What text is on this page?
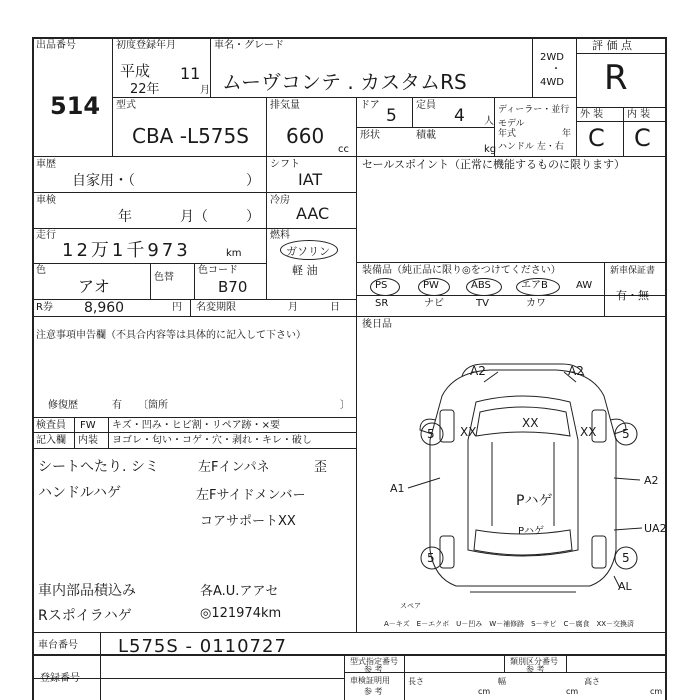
出品番号
514
初度登録年月
平成
22年
11
月
車名・グレード
ムーヴコンテ . カスタムRS
2WD
・
4WD
評 価 点
R
型式
CBA -L575S
排気量
660
cc
ドア
5
定員
4 人
形状	積載
kg
ディーラー・並行
モデル
年式	年
ハンドル 左・右
外 装 内 装
C C
車歴
自家用・（	）
車検
年	月（	）
走行
12万1千973	km
色
アオ	色替
色コード
B70
R券 8,960	円 名変期限	月	日
シフト
IAT
冷房
AAC
燃料
ガソリン
軽 油
セールスポイント（正常に機能するものに限ります）
装備品（純正品に限り◎をつけてください）
PS	PW	ABS	エアB	AW
SR	ナビ	TV	カワ
新車保証書
有・無
後日品
注意事項申告欄（不具合内容等は具体的に記入して下さい）
修復歴	有 〔箇所	〕
検査員 FW キズ・凹み・ヒビ割・リペア跡・×要
記入欄 内装 ヨゴレ・匂い・コゲ・穴・剥れ・キレ・破し
シートへたり. シミ
ハンドルハゲ
左Fインパネ
左Fサイドメンバー
コアサポートXX
歪
車内部品積込み
Rスポイラハゲ
各A.U.アアセ
◎121974km
A2	A2
XX
XX
XX
5	5
5	5
A1
A2
UA2
AL
Pハゲ
Pハゲ
スペア
A－キズ　E－エクボ　U－凹み　W－補修跡　S－サビ　C－腐食　XX－交換済
車台番号 L575S - 0110727
登録番号
型式指定番号
参 考
類別区分番号
参 考
車検証明用
参 考
長さ
cm
幅
cm
高さ
cm
